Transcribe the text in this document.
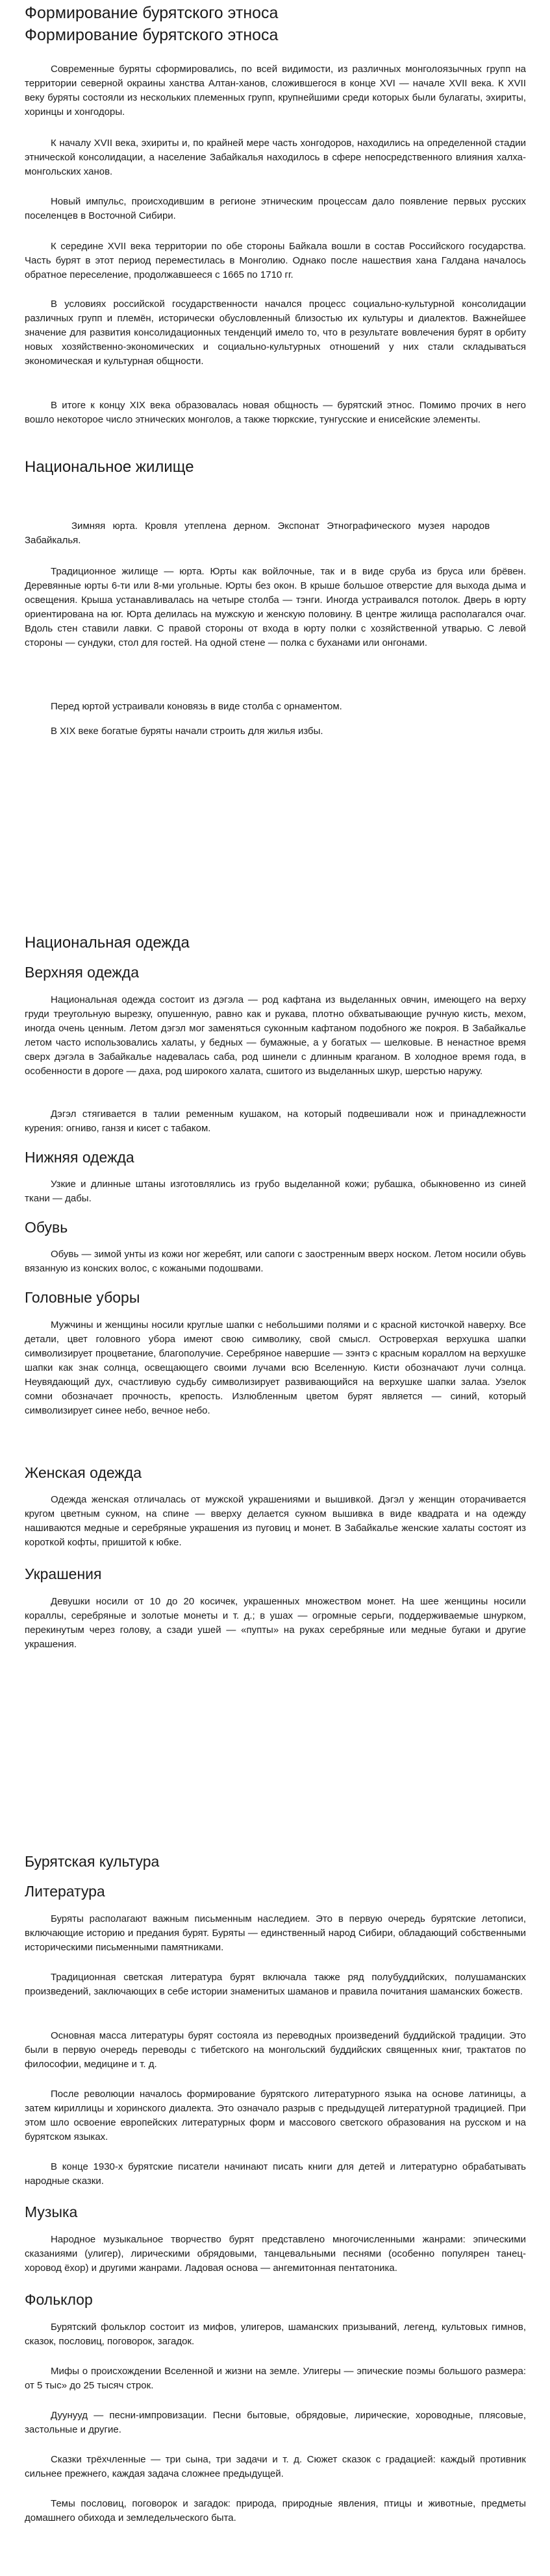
Формирование бурятского этноса
Формирование бурятского этноса

Современные буряты сформировались, по всей видимости, из различных монголоязычных групп на территории северной окраины ханства Алтан-ханов, сложившегося в конце XVI — начале XVII века. К XVII веку буряты состояли из нескольких племенных групп, крупнейшими среди которых были булагаты, эхириты, хоринцы и хонгодоры.

К началу XVII века, эхириты и, по крайней мере часть хонгодоров, находились на определенной стадии этнической консолидации, а население Забайкалья находилось в сфере непосредственного влияния халха-монгольских ханов.

Новый импульс, происходившим в регионе этническим процессам дало появление первых русских поселенцев в Восточной Сибири.

К середине XVII века территории по обе стороны Байкала вошли в состав Российского государства. Часть бурят в этот период переместилась в Монголию. Однако после нашествия хана Галдана началось обратное переселение, продолжавшееся с 1665 по 1710 гг.

В условиях российской государственности начался процесс социально-культурной консолидации различных групп и племён, исторически обусловленный близостью их культуры и диалектов. Важнейшее значение для развития консолидационных тенденций имело то, что в результате вовлечения бурят в орбиту новых хозяйственно-экономических и социально-культурных отношений у них стали складываться экономическая и культурная общности.

В итоге к концу XIX века образовалась новая общность — бурятский этнос. Помимо прочих в него вошло некоторое число этнических монголов, а также тюркские, тунгусские и енисейские элементы.

Национальное жилище

Зимняя юрта. Кровля утеплена дерном. Экспонат Этнографического музея народов Забайкалья.

Традиционное жилище — юрта. Юрты как войлочные, так и в виде сруба из бруса или брёвен. Деревянные юрты 6-ти или 8-ми угольные. Юрты без окон. В крыше большое отверстие для выхода дыма и освещения. Крыша устанавливалась на четыре столба — тэнги. Иногда устраивался потолок. Дверь в юрту ориентирована на юг. Юрта делилась на мужскую и женскую половину. В центре жилища располагался очаг. Вдоль стен ставили лавки. С правой стороны от входа в юрту полки с хозяйственной утварью. С левой стороны — сундуки, стол для гостей. На одной стене — полка с буханами или онгонами.

Перед юртой устраивали коновязь в виде столба с орнаментом.

В XIX веке богатые буряты начали строить для жилья избы.

Национальная одежда
Верхняя одежда

Национальная одежда состоит из дэгэла — род кафтана из выделанных овчин, имеющего на верху груди треугольную вырезку, опушенную, равно как и рукава, плотно обхватывающие ручную кисть, мехом, иногда очень ценным. Летом дэгэл мог заменяться суконным кафтаном подобного же покроя. В Забайкалье летом часто использовались халаты, у бедных — бумажные, а у богатых — шелковые. В ненастное время сверх дэгэла в Забайкалье надевалась саба, род шинели с длинным краганом. В холодное время года, в особенности в дороге — даха, род широкого халата, сшитого из выделанных шкур, шерстью наружу.

Дэгэл стягивается в талии ременным кушаком, на который подвешивали нож и принадлежности курения: огниво, ганзя и кисет с табаком.

Нижняя одежда

Узкие и длинные штаны изготовлялись из грубо выделанной кожи; рубашка, обыкновенно из синей ткани — дабы.

Обувь

Обувь — зимой унты из кожи ног жеребят, или сапоги с заостренным вверх носком. Летом носили обувь вязанную из конских волос, с кожаными подошвами.

Головные уборы

Мужчины и женщины носили круглые шапки с небольшими полями и с красной кисточкой наверху. Все детали, цвет головного убора имеют свою символику, свой смысл. Островерхая верхушка шапки символизирует процветание, благополучие. Серебряное навершие — зэнтэ с красным кораллом на верхушке шапки как знак солнца, освещающего своими лучами всю Вселенную. Кисти обозначают лучи солнца. Неувядающий дух, счастливую судьбу символизирует развивающийся на верхушке шапки залаа. Узелок сомни обозначает прочность, крепость. Излюбленным цветом бурят является — синий, который символизирует синее небо, вечное небо.

Женская одежда

Одежда женская отличалась от мужской украшениями и вышивкой. Дэгэл у женщин оторачивается кругом цветным сукном, на спине — вверху делается сукном вышивка в виде квадрата и на одежду нашиваются медные и серебряные украшения из пуговиц и монет. В Забайкалье женские халаты состоят из короткой кофты, пришитой к юбке.

Украшения

Девушки носили от 10 до 20 косичек, украшенных множеством монет. На шее женщины носили кораллы, серебряные и золотые монеты и т. д.; в ушах — огромные серьги, поддерживаемые шнурком, перекинутым через голову, а сзади ушей — «пупты» на руках серебряные или медные бугаки и другие украшения.

Бурятская культура
Литература

Буряты располагают важным письменным наследием. Это в первую очередь бурятские летописи, включающие историю и предания бурят. Буряты — единственный народ Сибири, обладающий собственными историческими письменными памятниками.

Традиционная светская литература бурят включала также ряд полубуддийских, полушаманских произведений, заключающих в себе истории знаменитых шаманов и правила почитания шаманских божеств.

Основная масса литературы бурят состояла из переводных произведений буддийской традиции. Это были в первую очередь переводы с тибетского на монгольский буддийских священных книг, трактатов по философии, медицине и т. д.

После революции началось формирование бурятского литературного языка на основе латиницы, а затем кириллицы и хоринского диалекта. Это означало разрыв с предыдущей литературной традицией. При этом шло освоение европейских литературных форм и массового светского образования на русском и на бурятском языках.

В конце 1930-х бурятские писатели начинают писать книги для детей и литературно обрабатывать народные сказки.

Музыка

Народное музыкальное творчество бурят представлено многочисленными жанрами: эпическими сказаниями (улигер), лирическими обрядовыми, танцевальными песнями (особенно популярен танец-хоровод ёхор) и другими жанрами. Ладовая основа — ангемитонная пентатоника.

Фольклор

Бурятский фольклор состоит из мифов, улигеров, шаманских призываний, легенд, культовых гимнов, сказок, пословиц, поговорок, загадок.

Мифы о происхождении Вселенной и жизни на земле. Улигеры — эпические поэмы большого размера: от 5 тыс» до 25 тысяч строк.

Дуунууд — песни-импровизации. Песни бытовые, обрядовые, лирические, хороводные, плясовые, застольные и другие.

Сказки трёхчленные — три сына, три задачи и т. д. Сюжет сказок с градацией: каждый противник сильнее прежнего, каждая задача сложнее предыдущей.

Темы пословиц, поговорок и загадок: природа, природные явления, птицы и животные, предметы домашнего обихода и земледельческого быта.
